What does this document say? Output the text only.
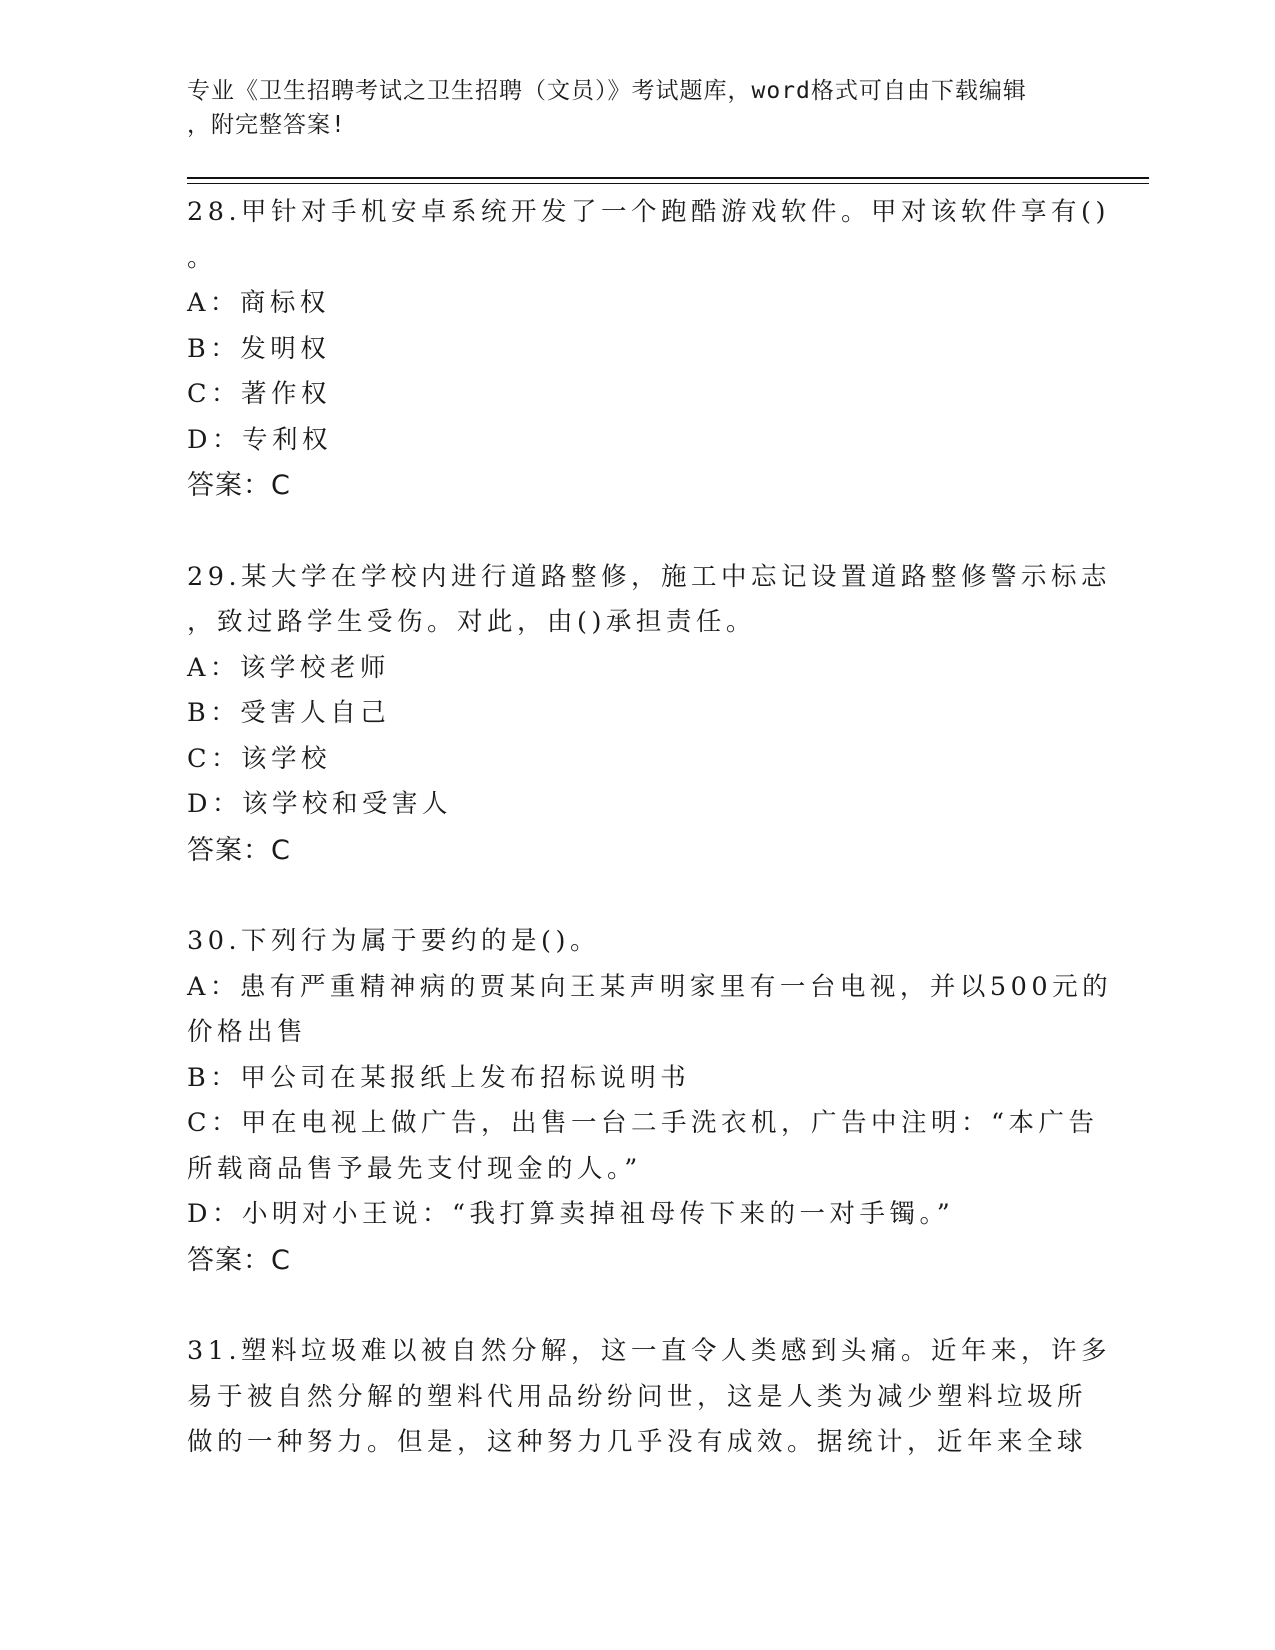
专业《卫生招聘考试之卫生招聘（文员）》考试题库，word格式可自由下载编辑
，附完整答案!
28.甲针对手机安卓系统开发了一个跑酷游戏软件。甲对该软件享有()
。
A：商标权
B：发明权
C：著作权
D：专利权
答案：C
29.某大学在学校内进行道路整修，施工中忘记设置道路整修警示标志
，致过路学生受伤。对此，由()承担责任。
A：该学校老师
B：受害人自己
C：该学校
D：该学校和受害人
答案：C
30.下列行为属于要约的是()。
A：患有严重精神病的贾某向王某声明家里有一台电视，并以500元的
价格出售
B：甲公司在某报纸上发布招标说明书
C：甲在电视上做广告，出售一台二手洗衣机，广告中注明：“本广告
所载商品售予最先支付现金的人。”
D：小明对小王说：“我打算卖掉祖母传下来的一对手镯。”
答案：C
31.塑料垃圾难以被自然分解，这一直令人类感到头痛。近年来，许多
易于被自然分解的塑料代用品纷纷问世，这是人类为减少塑料垃圾所
做的一种努力。但是，这种努力几乎没有成效。据统计，近年来全球
